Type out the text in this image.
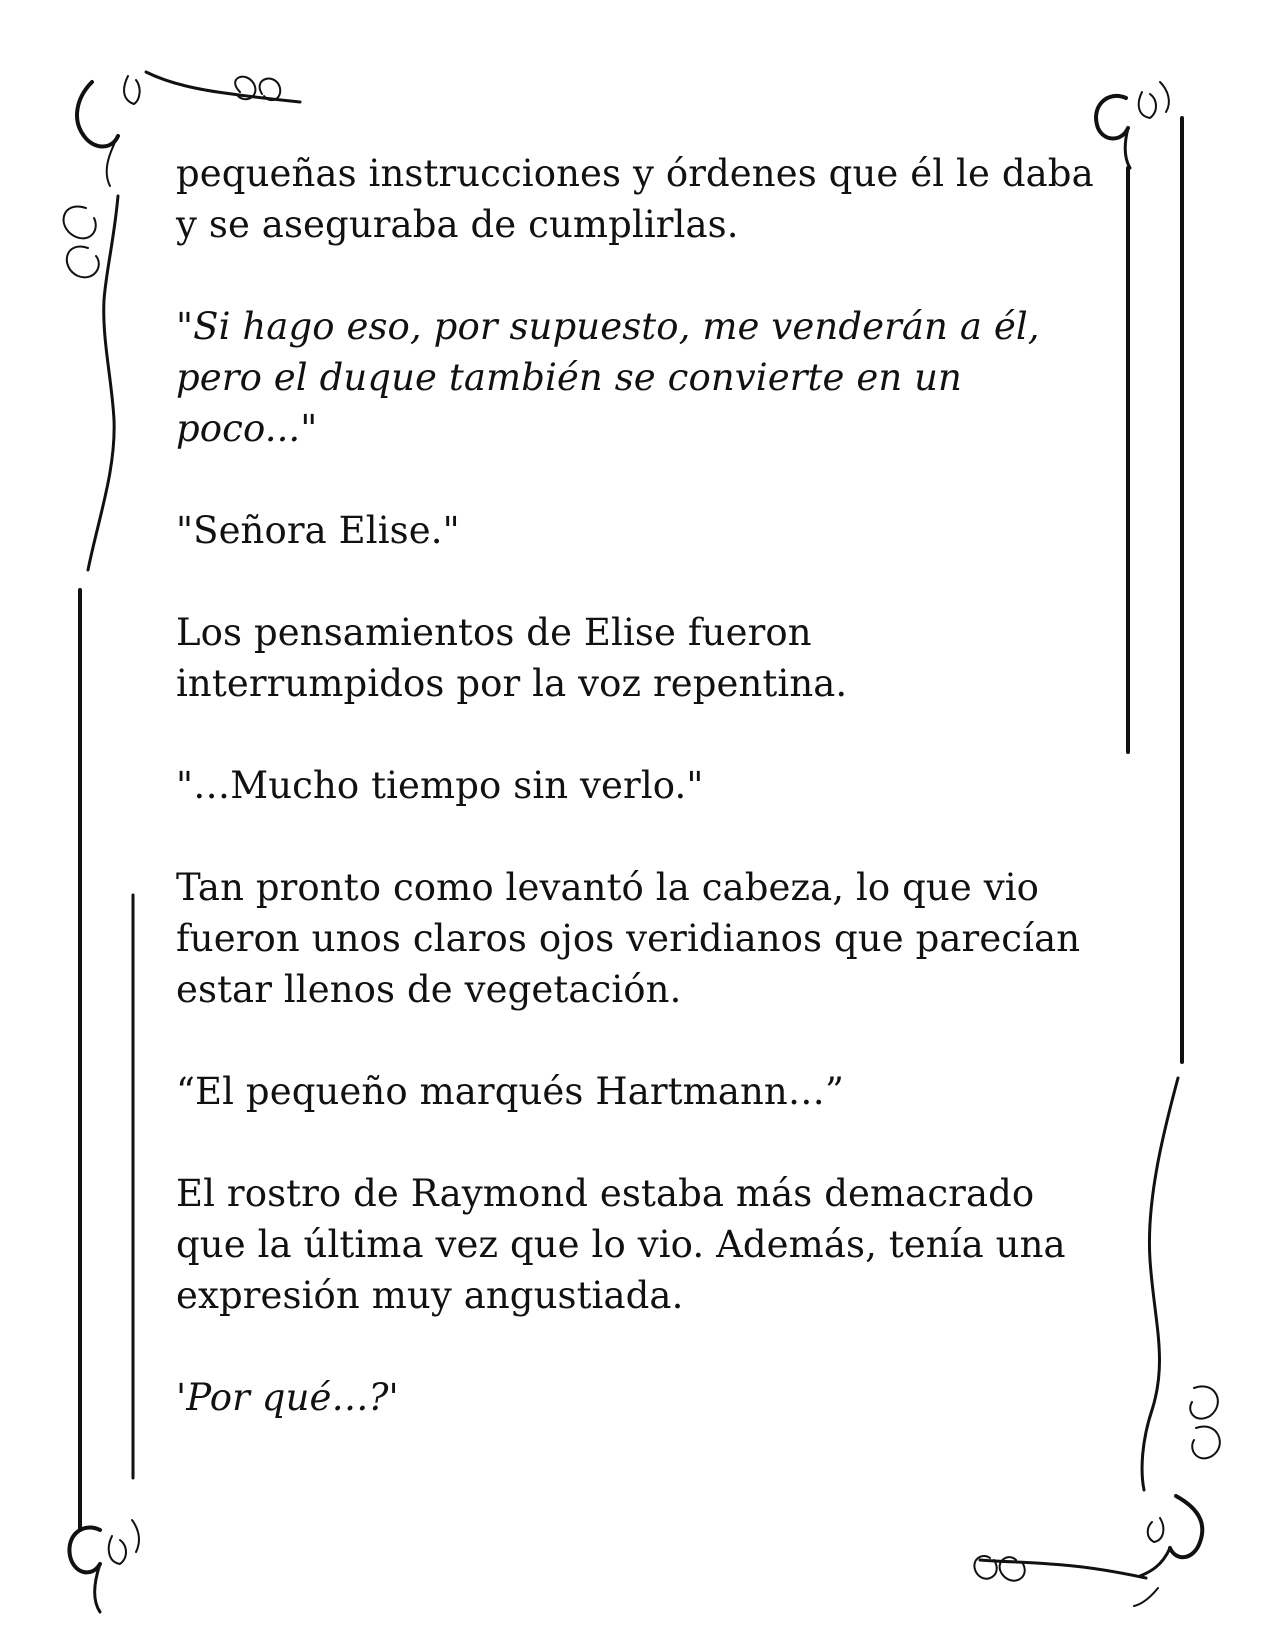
pequeñas instrucciones y órdenes que él le daba
y se aseguraba de cumplirlas.

"Si hago eso, por supuesto, me venderán a él,
pero el duque también se convierte en un
poco..."

"Señora Elise."

Los pensamientos de Elise fueron
interrumpidos por la voz repentina.

"…Mucho tiempo sin verlo."

Tan pronto como levantó la cabeza, lo que vio
fueron unos claros ojos veridianos que parecían
estar llenos de vegetación.

“El pequeño marqués Hartmann…”

El rostro de Raymond estaba más demacrado
que la última vez que lo vio. Además, tenía una
expresión muy angustiada.

'Por qué…?'
